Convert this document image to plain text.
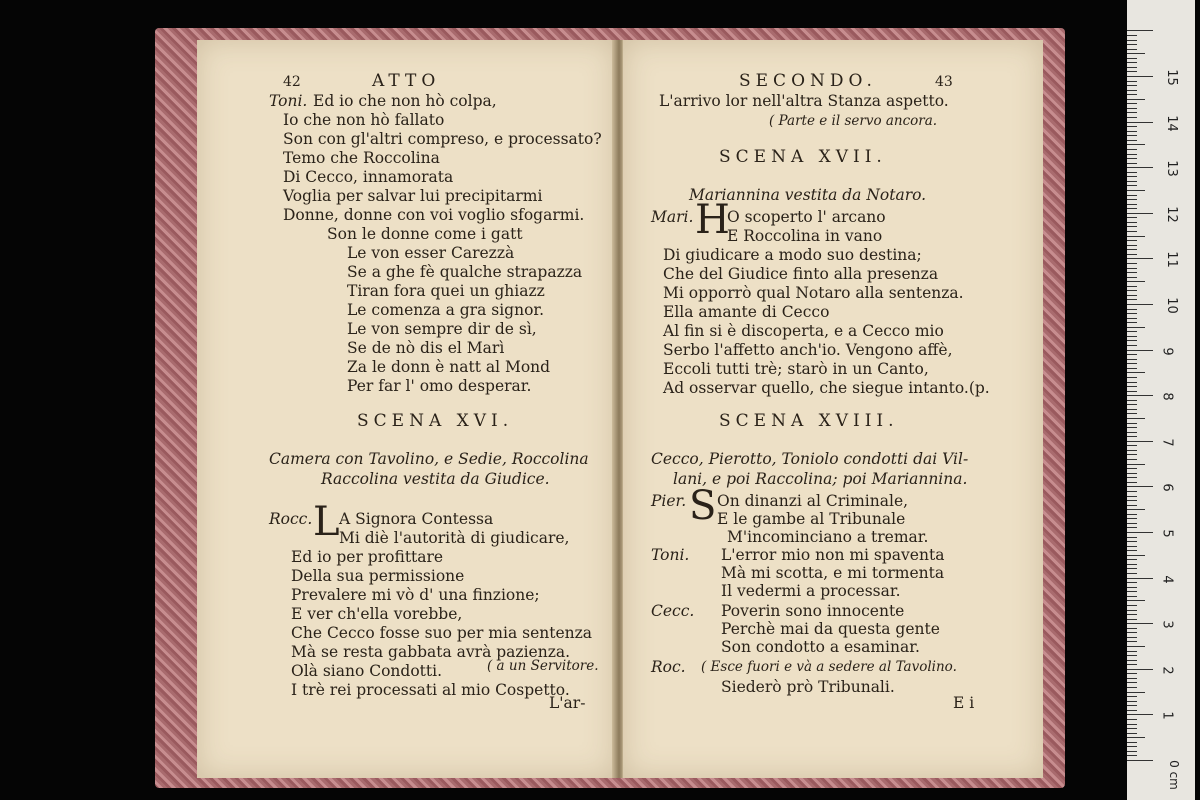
42	ATTO
Ed io che non hò colpa,
Toni.
Io che non hò fallato
Son con gl'altri compreso, e processato?
Temo che Roccolina
Di Cecco, innamorata
Voglia per salvar lui precipitarmi
Donne, donne con voi voglio sfogarmi.
Son le donne come i gatt
Le von esser Carezzà
Se a ghe fè qualche strapazza
Tiran fora quei un ghiazz
Le comenza a gra signor.
Le von sempre dir de sì,
Se de nò dis el Marì
Za le donn è natt al Mond
Per far l' omo desperar.
SCENA XVI.
Camera con Tavolino, e Sedie, Roccolina
Raccolina vestita da Giudice.
Rocc. L A Signora Contessa
Mi diè l'autorità di giudicare,
Ed io per profittare
Della sua permissione
Prevalere mi vò d' una finzione;
E ver ch'ella vorebbe,
Che Cecco fosse suo per mia sentenza
Mà se resta gabbata avrà pazienza.
Olà siano Condotti.
I trè rei processati al mio Cospetto.
( a un Servitore.
L'ar-
SECONDO.	43
L'arrivo lor nell'altra Stanza aspetto.
( Parte e il servo ancora.
SCENA XVII.
Mariannina vestita da Notaro.
Mari. H
O scoperto l' arcano
E Roccolina in vano
Di giudicare a modo suo destina;
Che del Giudice finto alla presenza
Mi opporrò qual Notaro alla sentenza.
Ella amante di Cecco
Al fin si è discoperta, e a Cecco mio
Serbo l'affetto anch'io. Vengono affè,
Eccoli tutti trè; starò in un Canto,
Ad osservar quello, che siegue intanto.(p.
SCENA XVIII.
Cecco, Pierotto, Toniolo condotti dai Vil-
lani, e poi Raccolina; poi Mariannina.
Pier. S On dinanzi al Criminale,
E le gambe al Tribunale
M'incominciano a tremar.
Toni. L'error mio non mi spaventa
Mà mi scotta, e mi tormenta
Il vedermi a processar.
Cecc. Poverin sono innocente
Perchè mai da questa gente
Son condotto a esaminar.
Roc. ( Esce fuori e và a sedere al Tavolino.
Siederò prò Tribunali.
E i
15
14
13
12
11
10
9
8
7
6
5
4
3
2
1
0 cm
